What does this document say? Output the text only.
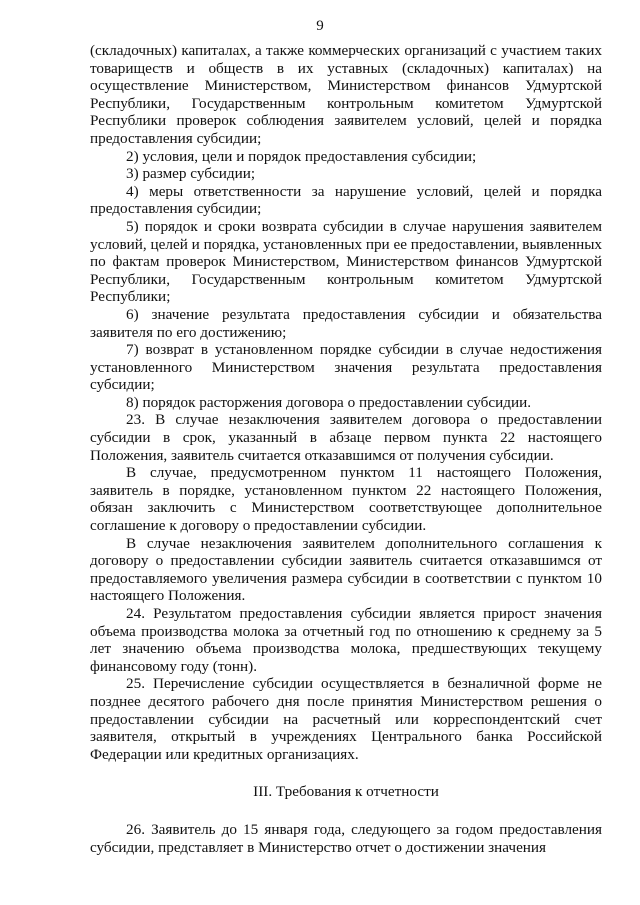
9

(складочных) капиталах, а также коммерческих организаций с участием таких товариществ и обществ в их уставных (складочных) капиталах) на осуществление Министерством, Министерством финансов Удмуртской Республики, Государственным контрольным комитетом Удмуртской Республики проверок соблюдения заявителем условий, целей и порядка предоставления субсидии;

2) условия, цели и порядок предоставления субсидии;

3) размер субсидии;

4) меры ответственности за нарушение условий, целей и порядка предоставления субсидии;

5) порядок и сроки возврата субсидии в случае нарушения заявителем условий, целей и порядка, установленных при ее предоставлении, выявленных по фактам проверок Министерством, Министерством финансов Удмуртской Республики, Государственным контрольным комитетом Удмуртской Республики;

6) значение результата предоставления субсидии и обязательства заявителя по его достижению;

7) возврат в установленном порядке субсидии в случае недостижения установленного Министерством значения результата предоставления субсидии;

8) порядок расторжения договора о предоставлении субсидии.

23. В случае незаключения заявителем договора о предоставлении субсидии в срок, указанный в абзаце первом пункта 22 настоящего Положения, заявитель считается отказавшимся от получения субсидии.

В случае, предусмотренном пунктом 11 настоящего Положения, заявитель в порядке, установленном пунктом 22 настоящего Положения, обязан заключить с Министерством соответствующее дополнительное соглашение к договору о предоставлении субсидии.

В случае незаключения заявителем дополнительного соглашения к договору о предоставлении субсидии заявитель считается отказавшимся от предоставляемого увеличения размера субсидии в соответствии с пунктом 10 настоящего Положения.

24. Результатом предоставления субсидии является прирост значения объема производства молока за отчетный год по отношению к среднему за 5 лет значению объема производства молока, предшествующих текущему финансовому году (тонн).

25. Перечисление субсидии осуществляется в безналичной форме не позднее десятого рабочего дня после принятия Министерством решения о предоставлении субсидии на расчетный или корреспондентский счет заявителя, открытый в учреждениях Центрального банка Российской Федерации или кредитных организациях.

III. Требования к отчетности

26. Заявитель до 15 января года, следующего за годом предоставления субсидии, представляет в Министерство отчет о достижении значения
